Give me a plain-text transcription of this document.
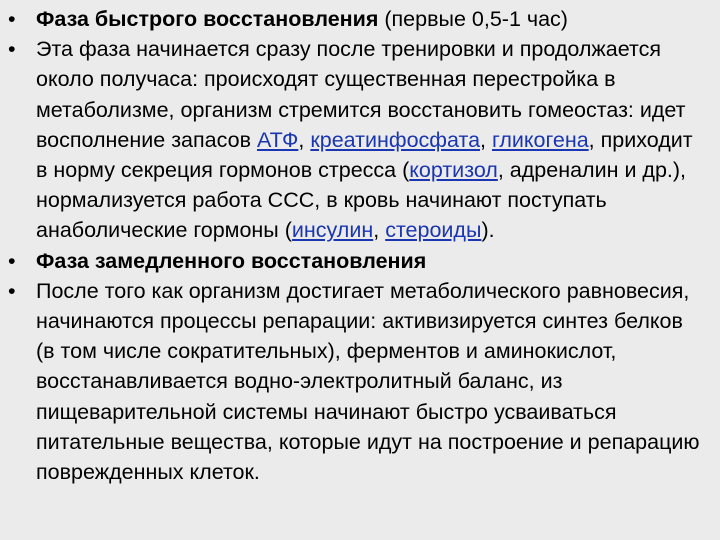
• Фаза быстрого восстановления (первые 0,5-1 час)
• Эта фаза начинается сразу после тренировки и продолжается около получаса: происходят существенная перестройка в метаболизме, организм стремится восстановить гомеостаз: идет восполнение запасов АТФ, креатинфосфата, гликогена, приходит в норму секреция гормонов стресса (кортизол, адреналин и др.), нормализуется работа ССС, в кровь начинают поступать анаболические гормоны (инсулин, стероиды).
• Фаза замедленного восстановления
• После того как организм достигает метаболического равновесия, начинаются процессы репарации: активизируется синтез белков (в том числе сократительных), ферментов и аминокислот, восстанавливается водно-электролитный баланс, из пищеварительной системы начинают быстро усваиваться питательные вещества, которые идут на построение и репарацию поврежденных клеток.
